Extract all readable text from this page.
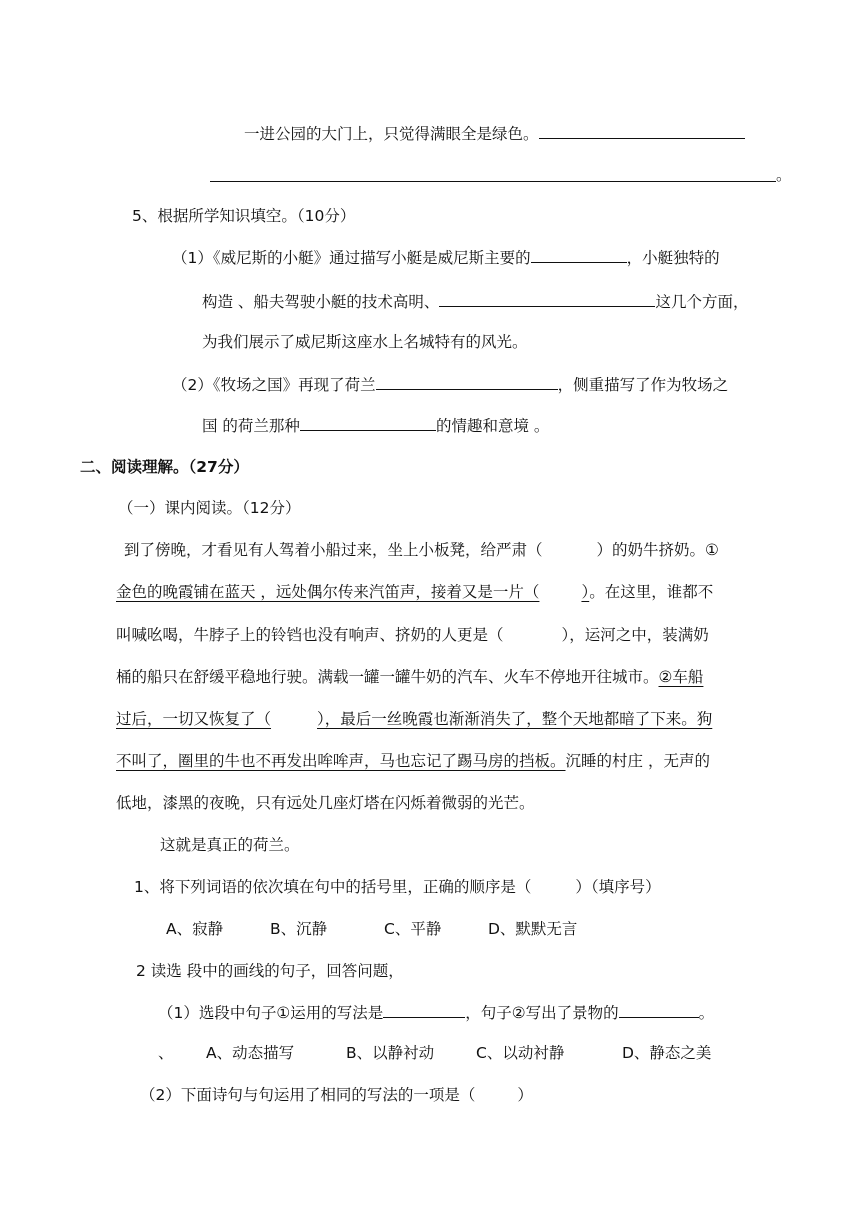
一进公园的大门上，只觉得满眼全是绿色。
。
5、根据所学知识填空。（10分）
（1）《威尼斯的小艇》通过描写小艇是威尼斯主要的	，小艇独特的
构造 、船夫驾驶小艇的技术高明、	这几个方面，
为我们展示了威尼斯这座水上名城特有的风光。
（2）《牧场之国》再现了荷兰	，侧重描写了作为牧场之
国 的荷兰那种	的情趣和意境 。
二、阅读理解。（27分）
（一）课内阅读。（12分）
到了傍晚，才看见有人驾着小船过来，坐上小板凳，给严肃（	）的奶牛挤奶。①
金色的晚霞铺在蓝天 ，远处偶尔传来汽笛声，接着又是一片（	）。在这里，谁都不
叫喊吆喝，牛脖子上的铃铛也没有响声、挤奶的人更是（	），运河之中，装满奶
桶的船只在舒缓平稳地行驶。满载一罐一罐牛奶的汽车、火车不停地开往城市。②车船
过后，一切又恢复了（	），最后一丝晚霞也渐渐消失了，整个天地都暗了下来。狗
不叫了，圈里的牛也不再发出哞哞声，马也忘记了踢马房的挡板。沉睡的村庄 ，无声的
低地，漆黑的夜晚，只有远处几座灯塔在闪烁着微弱的光芒。
这就是真正的荷兰。
1、将下列词语的依次填在句中的括号里，正确的顺序是（	）（填序号）
A、寂静	B、沉静	C、平静	D、默默无言
2 读选 段中的画线的句子，回答问题，
（1）选段中句子①运用的写法是	，句子②写出了景物的	。
、 A、动态描写	B、以静衬动	C、以动衬静	D、静态之美
（2）下面诗句与句运用了相同的写法的一项是（	）
